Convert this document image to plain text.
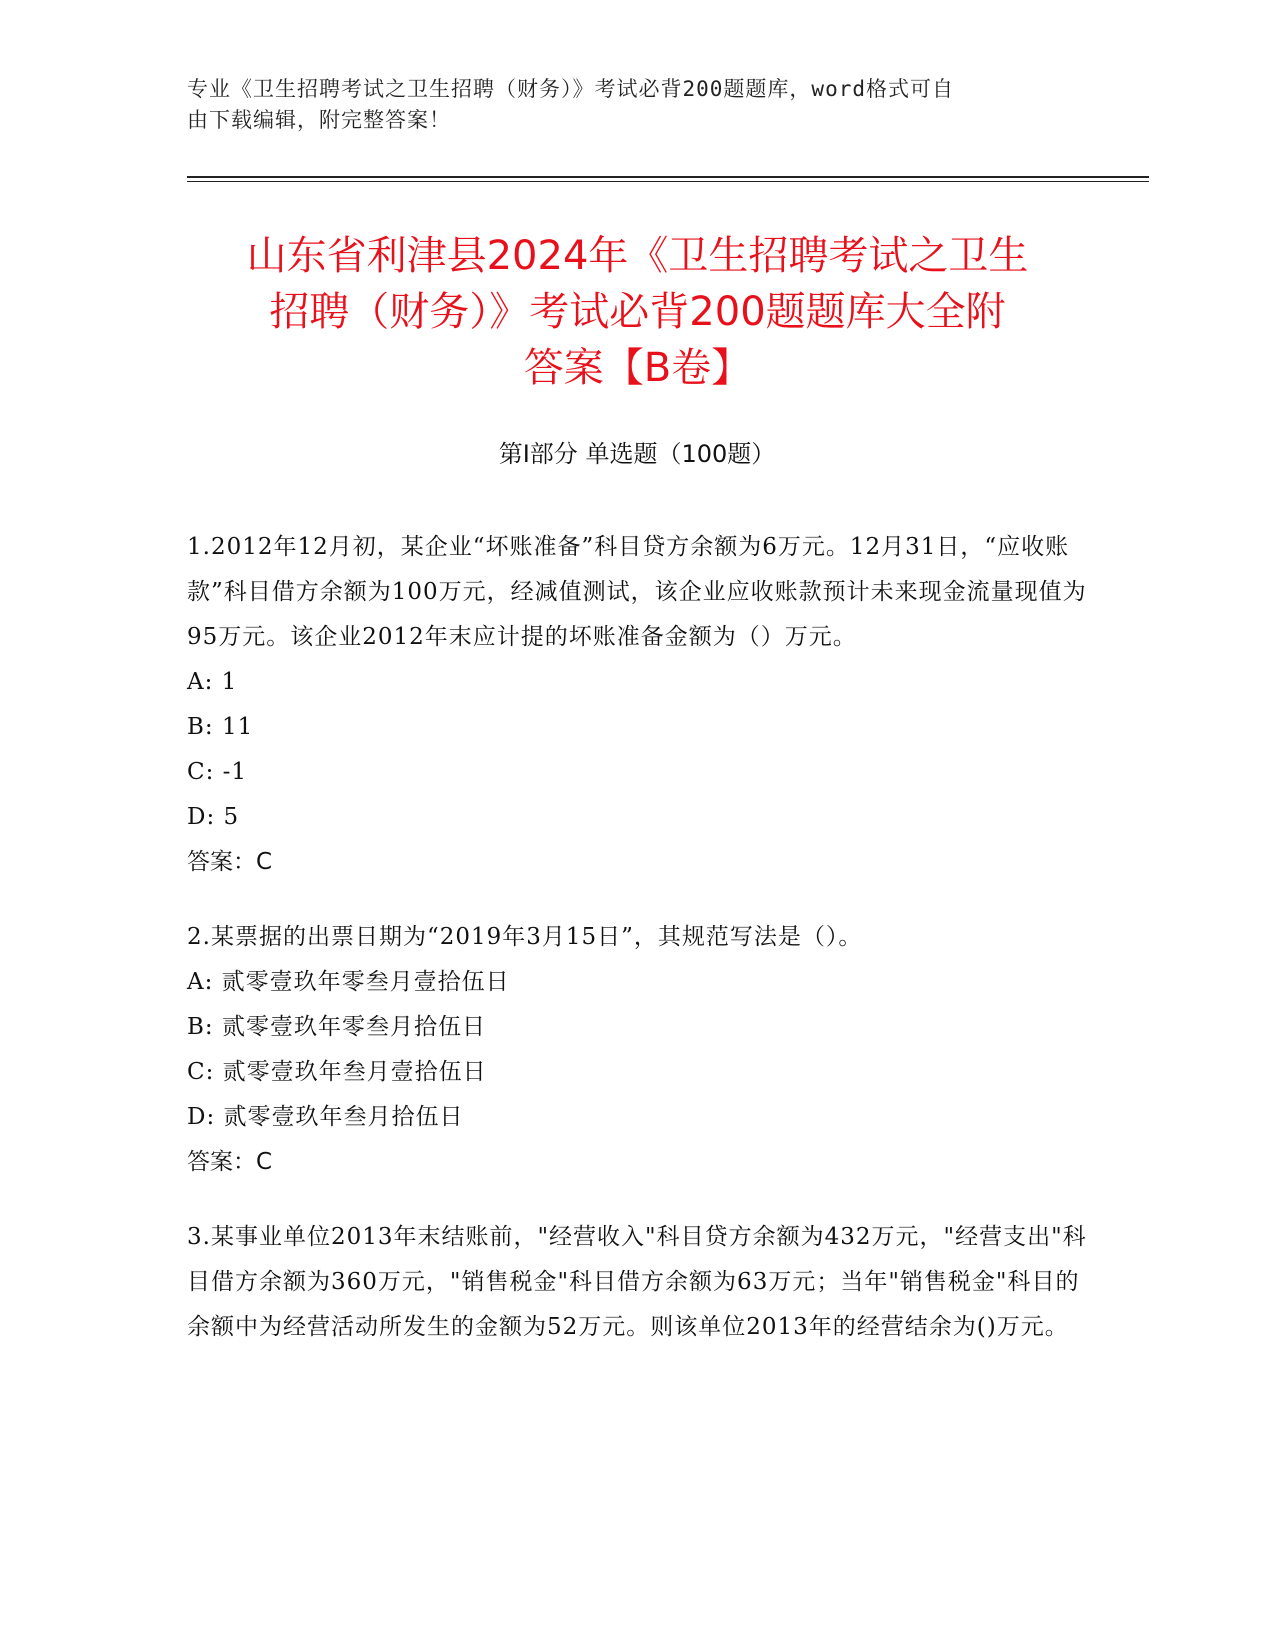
专业《卫生招聘考试之卫生招聘（财务）》考试必背200题题库，word格式可自
由下载编辑，附完整答案！
山东省利津县2024年《卫生招聘考试之卫生
招聘（财务）》考试必背200题题库大全附
答案【B卷】
第Ⅰ部分 单选题（100题）
1.2012年12月初，某企业“坏账准备”科目贷方余额为6万元。12月31日，“应收账款”科目借方余额为100万元，经减值测试，该企业应收账款预计未来现金流量现值为95万元。该企业2012年末应计提的坏账准备金额为（）万元。
A: 1
B: 11
C: -1
D: 5
答案：C
2.某票据的出票日期为“2019年3月15日”，其规范写法是（）。
A: 贰零壹玖年零叁月壹拾伍日
B: 贰零壹玖年零叁月拾伍日
C: 贰零壹玖年叁月壹拾伍日
D: 贰零壹玖年叁月拾伍日
答案：C
3.某事业单位2013年末结账前，"经营收入"科目贷方余额为432万元，"经营支出"科目借方余额为360万元，"销售税金"科目借方余额为63万元；当年"销售税金"科目的余额中为经营活动所发生的金额为52万元。则该单位2013年的经营结余为()万元。
